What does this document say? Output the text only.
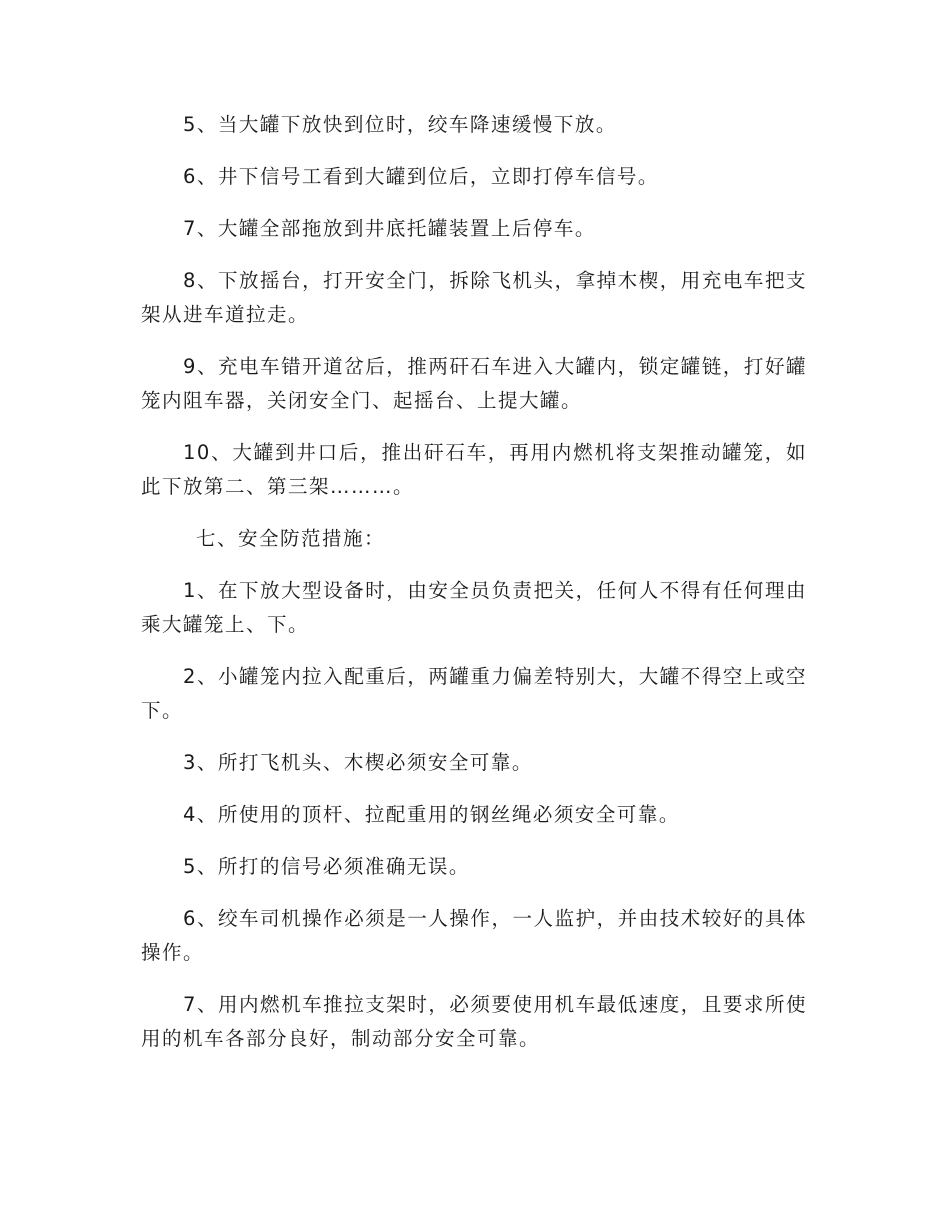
5、当大罐下放快到位时，绞车降速缓慢下放。

6、井下信号工看到大罐到位后，立即打停车信号。

7、大罐全部拖放到井底托罐装置上后停车。

8、下放摇台，打开安全门，拆除飞机头，拿掉木楔，用充电车把支架从进车道拉走。

9、充电车错开道岔后，推两矸石车进入大罐内，锁定罐链，打好罐笼内阻车器，关闭安全门、起摇台、上提大罐。

10、大罐到井口后，推出矸石车，再用内燃机将支架推动罐笼，如此下放第二、第三架………。

七、安全防范措施：

1、在下放大型设备时，由安全员负责把关，任何人不得有任何理由乘大罐笼上、下。

2、小罐笼内拉入配重后，两罐重力偏差特别大，大罐不得空上或空下。

3、所打飞机头、木楔必须安全可靠。

4、所使用的顶杆、拉配重用的钢丝绳必须安全可靠。

5、所打的信号必须准确无误。

6、绞车司机操作必须是一人操作，一人监护，并由技术较好的具体操作。

7、用内燃机车推拉支架时，必须要使用机车最低速度，且要求所使用的机车各部分良好，制动部分安全可靠。
